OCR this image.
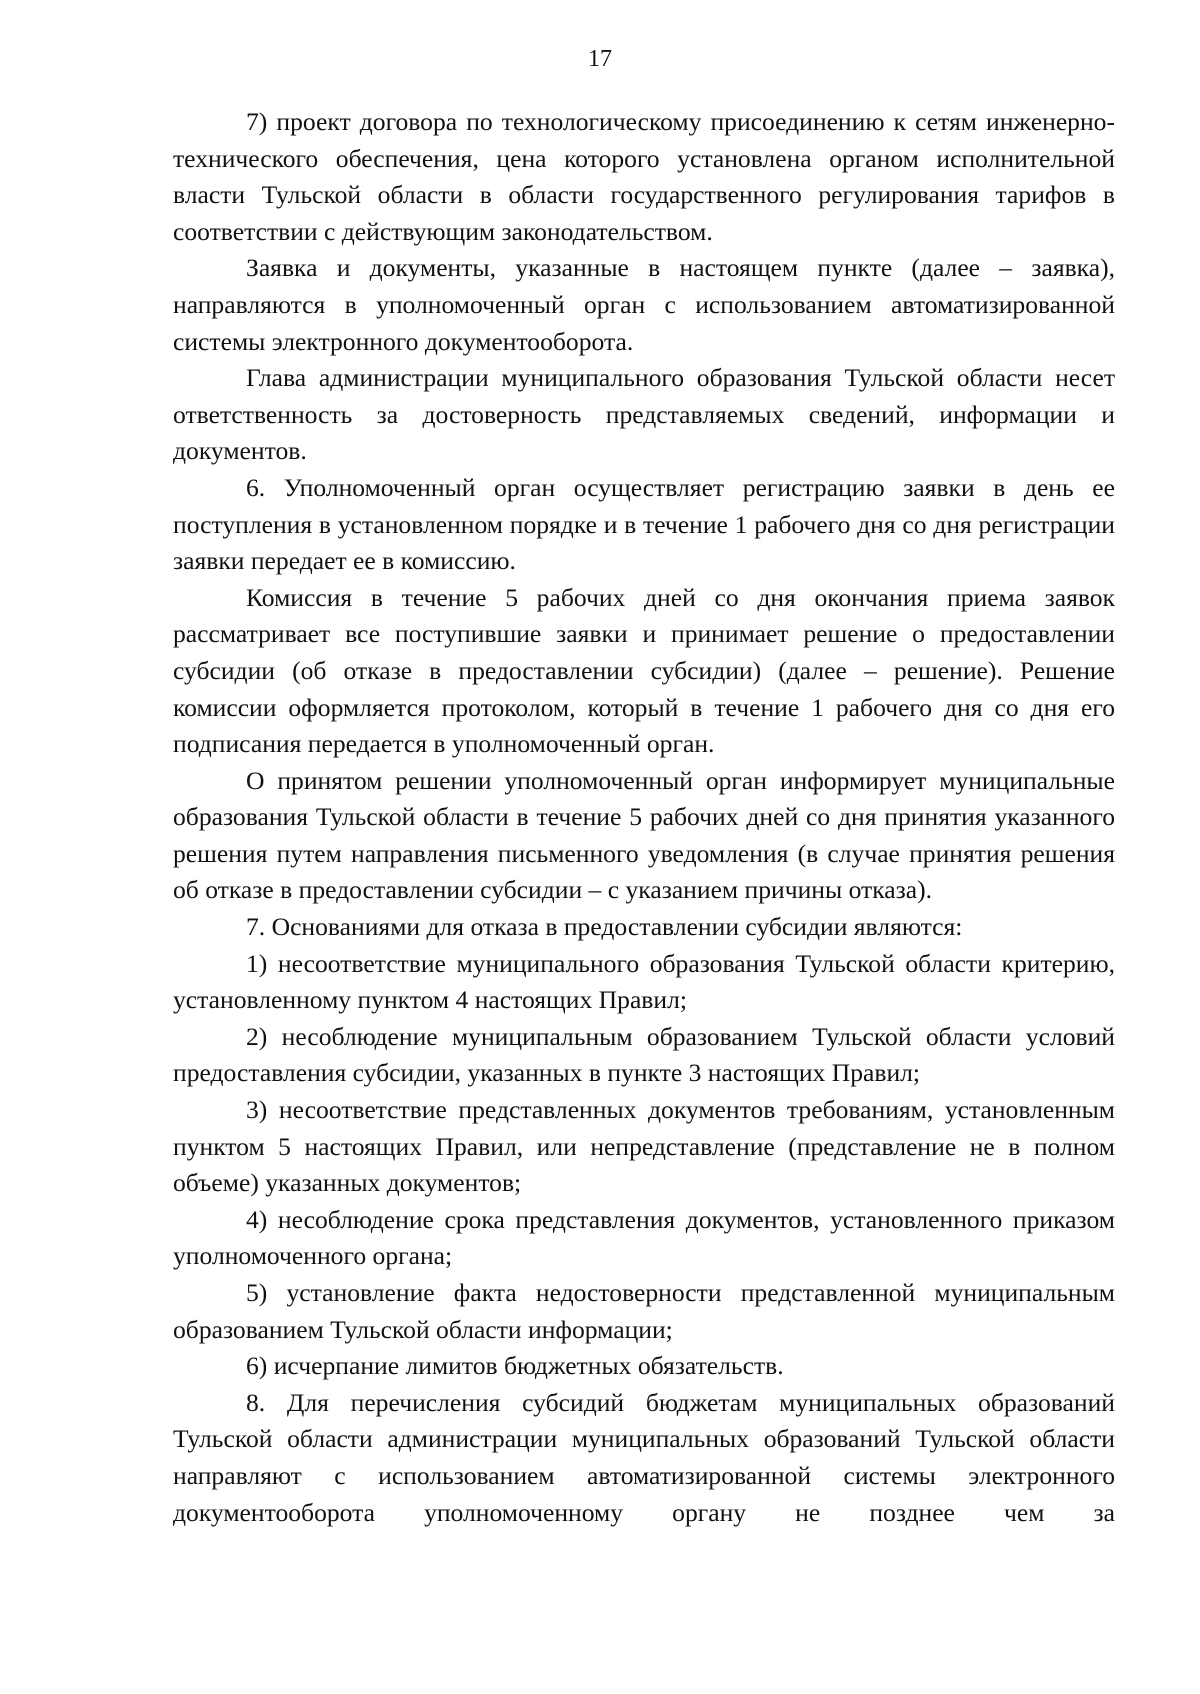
17

7) проект договора по технологическому присоединению к сетям инженерно-технического обеспечения, цена которого установлена органом исполнительной власти Тульской области в области государственного регулирования тарифов в соответствии с действующим законодательством.

Заявка и документы, указанные в настоящем пункте (далее – заявка), направляются в уполномоченный орган с использованием автоматизированной системы электронного документооборота.

Глава администрации муниципального образования Тульской области несет ответственность за достоверность представляемых сведений, информации и документов.

6. Уполномоченный орган осуществляет регистрацию заявки в день ее поступления в установленном порядке и в течение 1 рабочего дня со дня регистрации заявки передает ее в комиссию.

Комиссия в течение 5 рабочих дней со дня окончания приема заявок рассматривает все поступившие заявки и принимает решение о предоставлении субсидии (об отказе в предоставлении субсидии) (далее – решение). Решение комиссии оформляется протоколом, который в течение 1 рабочего дня со дня его подписания передается в уполномоченный орган.

О принятом решении уполномоченный орган информирует муниципальные образования Тульской области в течение 5 рабочих дней со дня принятия указанного решения путем направления письменного уведомления (в случае принятия решения об отказе в предоставлении субсидии – с указанием причины отказа).

7. Основаниями для отказа в предоставлении субсидии являются:

1) несоответствие муниципального образования Тульской области критерию, установленному пунктом 4 настоящих Правил;

2) несоблюдение муниципальным образованием Тульской области условий предоставления субсидии, указанных в пункте 3 настоящих Правил;

3) несоответствие представленных документов требованиям, установленным пунктом 5 настоящих Правил, или непредставление (представление не в полном объеме) указанных документов;

4) несоблюдение срока представления документов, установленного приказом уполномоченного органа;

5) установление факта недостоверности представленной муниципальным образованием Тульской области информации;

6) исчерпание лимитов бюджетных обязательств.

8. Для перечисления субсидий бюджетам муниципальных образований Тульской области администрации муниципальных образований Тульской области направляют с использованием автоматизированной системы электронного документооборота уполномоченному органу не позднее чем за
